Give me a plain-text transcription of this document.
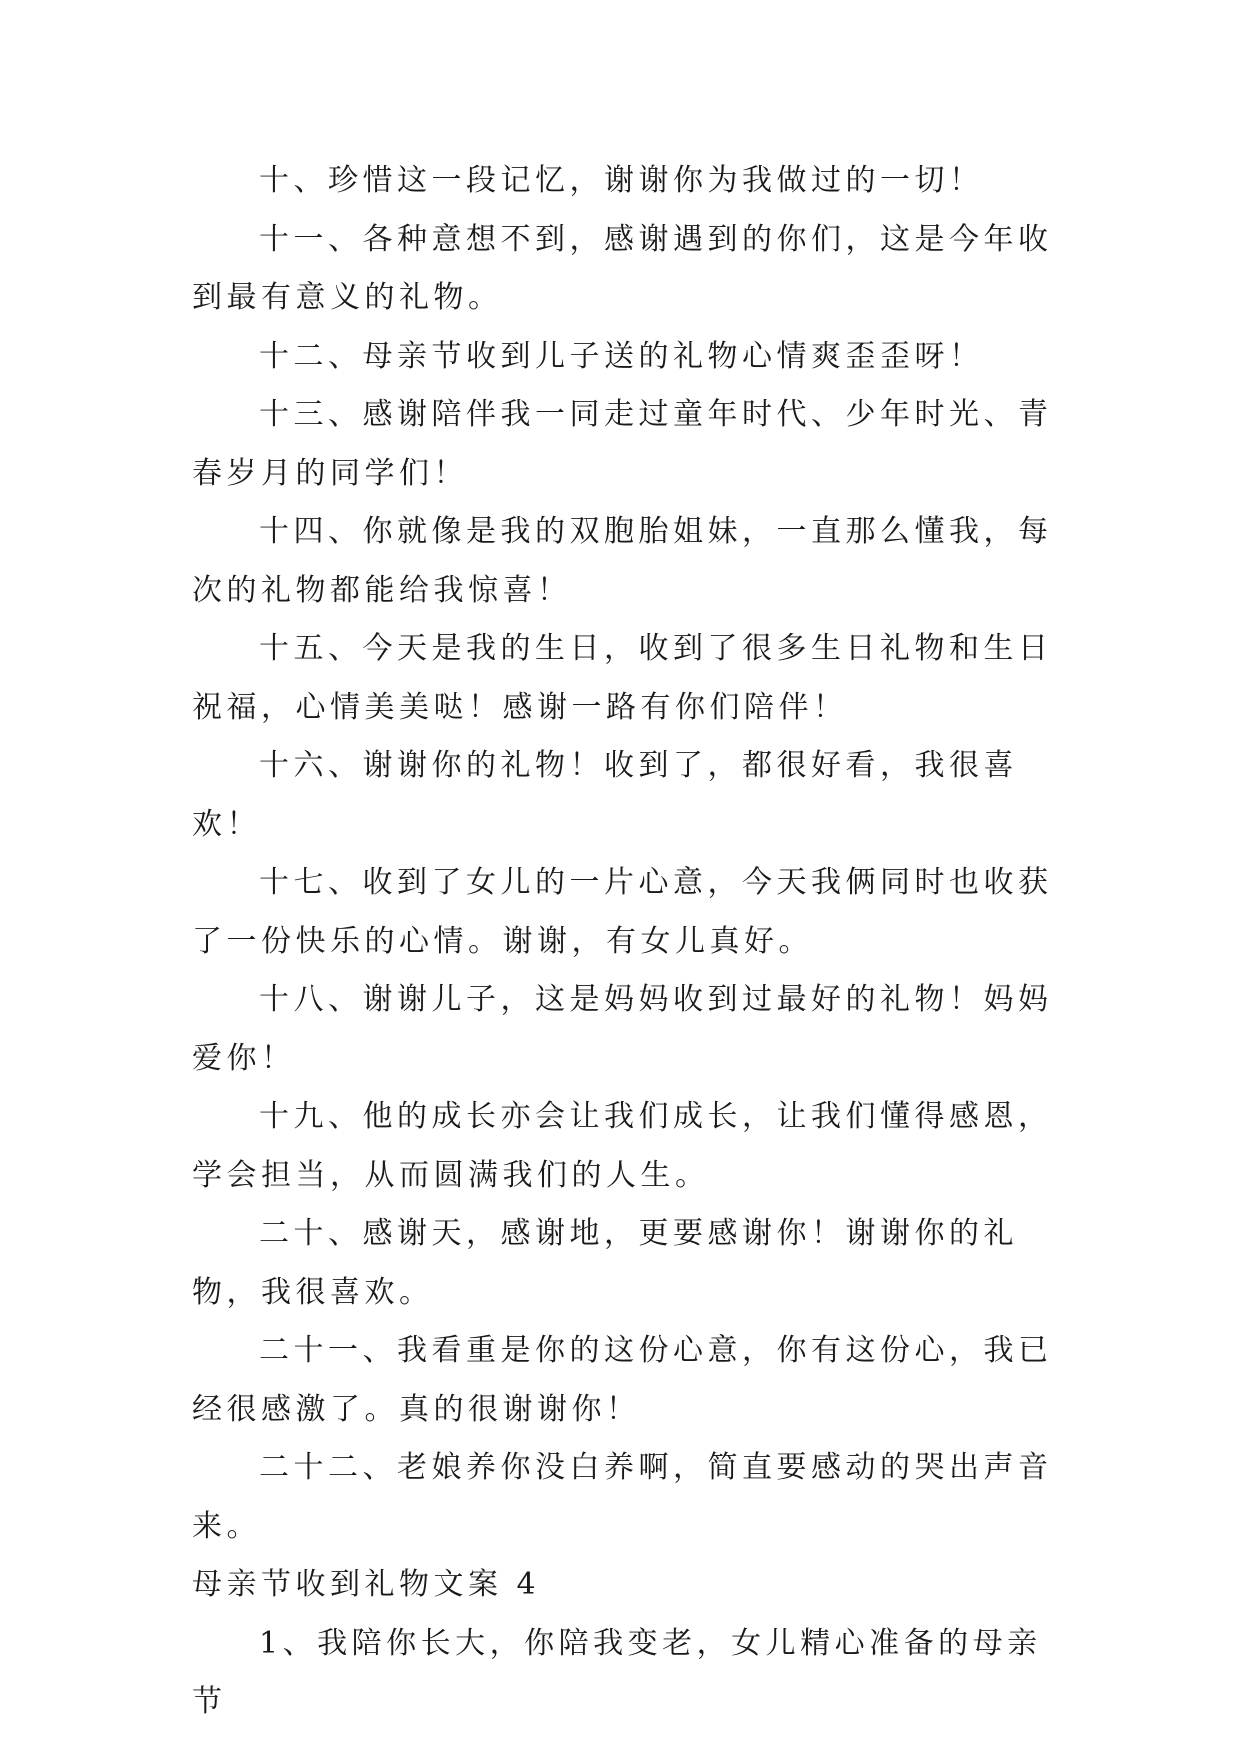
十、珍惜这一段记忆，谢谢你为我做过的一切！

十一、各种意想不到，感谢遇到的你们，这是今年收到最有意义的礼物。

十二、母亲节收到儿子送的礼物心情爽歪歪呀！

十三、感谢陪伴我一同走过童年时代、少年时光、青春岁月的同学们！

十四、你就像是我的双胞胎姐妹，一直那么懂我，每次的礼物都能给我惊喜！

十五、今天是我的生日，收到了很多生日礼物和生日祝福，心情美美哒！感谢一路有你们陪伴！

十六、谢谢你的礼物！收到了，都很好看，我很喜欢！

十七、收到了女儿的一片心意，今天我俩同时也收获了一份快乐的心情。谢谢，有女儿真好。

十八、谢谢儿子，这是妈妈收到过最好的礼物！妈妈爱你！

十九、他的成长亦会让我们成长，让我们懂得感恩，学会担当，从而圆满我们的人生。

二十、感谢天，感谢地，更要感谢你！谢谢你的礼物，我很喜欢。

二十一、我看重是你的这份心意，你有这份心，我已经很感激了。真的很谢谢你！

二十二、老娘养你没白养啊，简直要感动的哭出声音来。

母亲节收到礼物文案 4

1、我陪你长大，你陪我变老，女儿精心准备的母亲节
